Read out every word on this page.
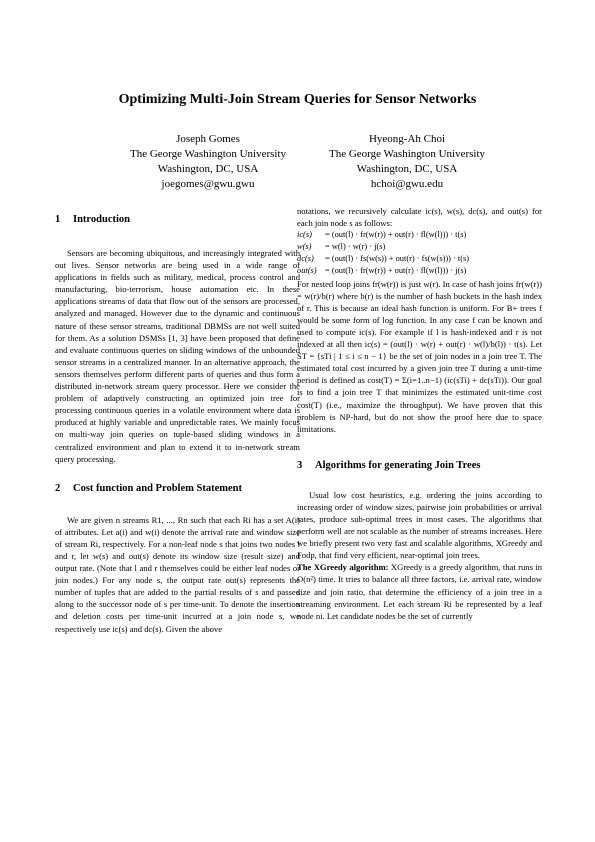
Optimizing Multi-Join Stream Queries for Sensor Networks
Joseph Gomes
The George Washington University
Washington, DC, USA
joegomes@gwu.gwu
Hyeong-Ah Choi
The George Washington University
Washington, DC, USA
hchoi@gwu.edu
1 Introduction

Sensors are becoming ubiquitous, and increasingly integrated with out lives. Sensor networks are being used in a wide range of applications in fields such as military, medical, process control and manufacturing, bio-terrorism, house automation etc. In these applications streams of data that flow out of the sensors are processed, analyzed and managed. However due to the dynamic and continuous nature of these sensor streams, traditional DBMSs are not well suited for them. As a solution DSMSs [1, 3] have been proposed that define and evaluate continuous queries on sliding windows of the unbounded sensor streams in a centralized manner. In an alternative approach, the sensors themselves perform different parts of queries and thus form a distributed in-network stream query processor. Here we consider the problem of adaptively constructing an optimized join tree for processing continuous queries in a volatile environment where data is produced at highly variable and unpredictable rates. We mainly focus on multi-way join queries on tuple-based sliding windows in a centralized environment and plan to extend it to in-network stream query processing.

2 Cost function and Problem Statement

We are given n streams R1, ..., Rn such that each Ri has a set A(i) of attributes. Let a(i) and w(i) denote the arrival rate and window size of stream Ri, respectively. For a non-leaf node s that joins two nodes l and r, let w(s) and out(s) denote its window size (result size) and output rate. (Note that l and r themselves could be either leaf nodes or join nodes.) For any node s, the output rate out(s) represents the number of tuples that are added to the partial results of s and passed along to the successor node of s per time-unit. To denote the insertion and deletion costs per time-unit incurred at a join node s, we respectively use ic(s) and dc(s). Given the above

notations, we recursively calculate ic(s), w(s), dc(s), and out(s) for each join node s as follows:

ic(s) = (out(l) · fr(w(r)) + out(r) · fl(w(l))) · t(s)
w(s) = w(l) · w(r) · j(s)
dc(s) = (out(l) · fs(w(s)) + out(r) · fs(w(s))) · t(s)
out(s) = (out(l) · fr(w(r)) + out(r) · fl(w(l))) · j(s)

For nested loop joins fr(w(r)) is just w(r). In case of hash joins fr(w(r)) = w(r)/b(r) where b(r) is the number of hash buckets in the hash index of r. This is because an ideal hash function is uniform. For B+ trees f would be some form of log function. In any case f can be known and used to compute ic(s). For example if l is hash-indexed and r is not indexed at all then ic(s) = (out(l) · w(r) + out(r) · w(l)/b(l)) · t(s). Let ST = {sTi | 1 ≤ i ≤ n − 1} be the set of join nodes in a join tree T. The estimated total cost incurred by a given join tree T during a unit-time period is defined as cost(T) = Σ(i=1..n−1) (ic(sTi) + dc(sTi)). Our goal is to find a join tree T that minimizes the estimated unit-time cost cost(T) (i.e., maximize the throughput). We have proven that this problem is NP-hard, but do not show the proof here due to space limitations.

3 Algorithms for generating Join Trees

Usual low cost heuristics, e.g. ordering the joins according to increasing order of window sizes, pairwise join probabilities or arrival rates, produce sub-optimal trees in most cases. The algorithms that perform well are not scalable as the number of streams increases. Here we briefly present two very fast and scalable algorithms, XGreedy and Fodp, that find very efficient, near-optimal join trees.

The XGreedy algorithm: XGreedy is a greedy algorithm, that runs in O(n²) time. It tries to balance all three factors, i.e. arrival rate, window size and join ratio, that determine the efficiency of a join tree in a streaming environment. Let each stream Ri be represented by a leaf node ni. Let candidate nodes be the set of currently
